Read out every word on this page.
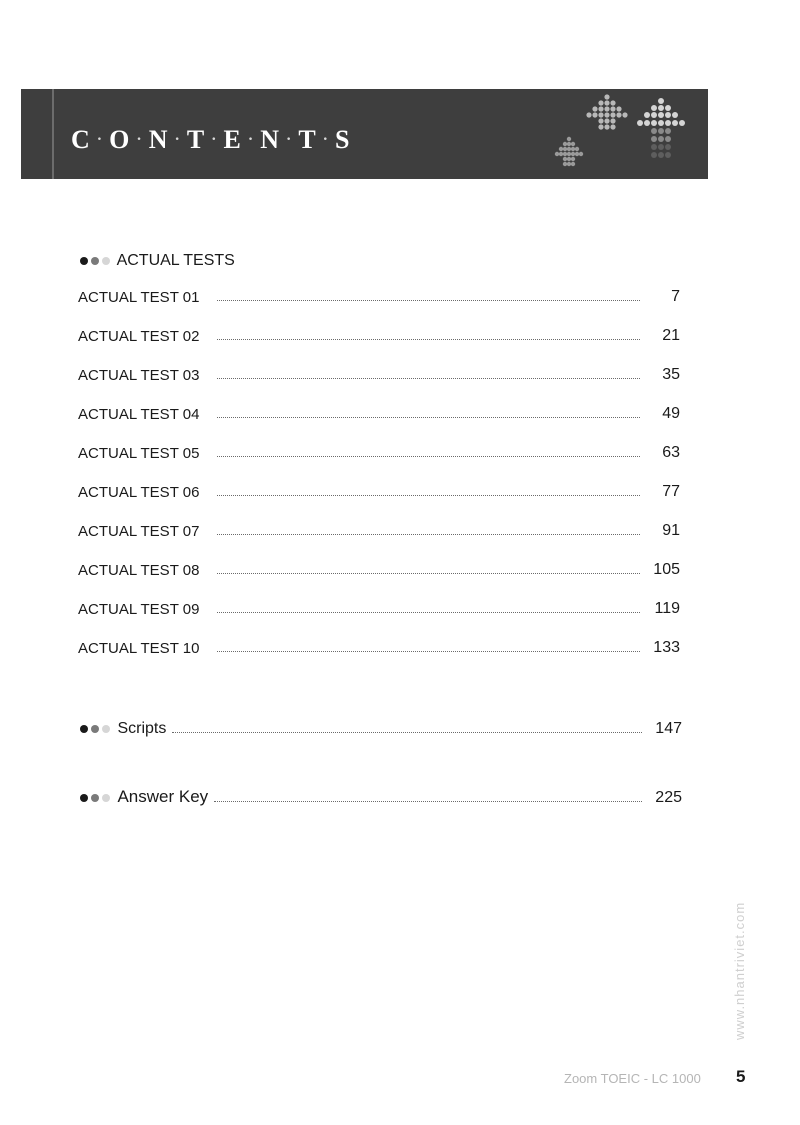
C · O · N · T · E · N · T · S
ACTUAL TESTS
ACTUAL TEST 01	7
ACTUAL TEST 02	21
ACTUAL TEST 03	35
ACTUAL TEST 04	49
ACTUAL TEST 05	63
ACTUAL TEST 06	77
ACTUAL TEST 07	91
ACTUAL TEST 08	105
ACTUAL TEST 09	119
ACTUAL TEST 10	133
Scripts	147
Answer Key	225
www.nhantriviet.com
Zoom TOEIC - LC 1000 5
